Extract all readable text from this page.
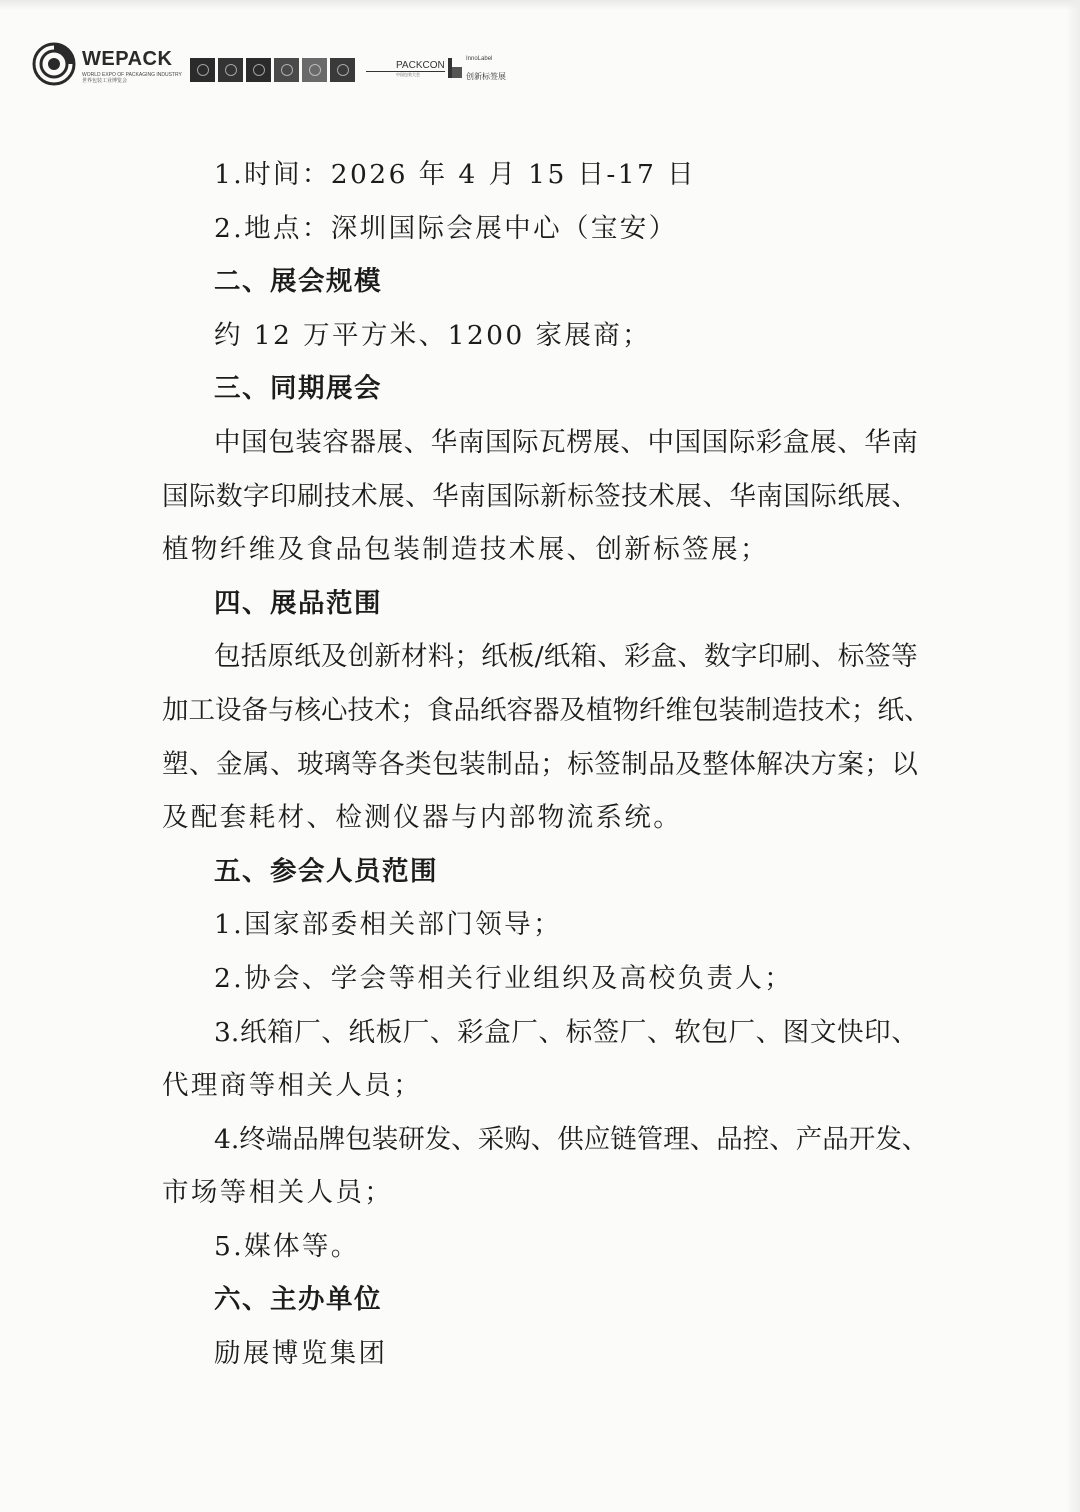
WEPACK
WORLD EXPO OF PACKAGING INDUSTRY
世界包装工业博览会
PACKCON
中国包装大会
InnoLabel
创新标签展
1.时间：2026 年 4 月 15 日-17 日
2.地点：深圳国际会展中心（宝安）
二、展会规模
约 12 万平方米、1200 家展商；
三、同期展会
中 国 包 装 容 器 展 、 华 南 国 际 瓦 楞 展 、 中 国 国 际 彩 盒 展 、 华 南
国 际 数 字 印 刷 技 术 展 、 华 南 国 际 新 标 签 技 术 展 、 华 南 国 际 纸 展 、
植物纤维及食品包装制造技术展、创新标签展；
四、展品范围
包 括 原 纸 及 创 新 材 料 ； 纸 板 / 纸 箱 、 彩 盒 、 数 字 印 刷 、 标 签 等
加 工 设 备 与 核 心 技 术 ； 食 品 纸 容 器 及 植 物 纤 维 包 装 制 造 技 术 ； 纸 、
塑 、 金 属 、 玻 璃 等 各 类 包 装 制 品 ； 标 签 制 品 及 整 体 解 决 方 案 ； 以
及配套耗材、检测仪器与内部物流系统。
五、参会人员范围
1.国家部委相关部门领导；
2.协会、学会等相关行业组织及高校负责人；
3. 纸 箱 厂 、 纸 板 厂 、 彩 盒 厂 、 标 签 厂 、 软 包 厂 、 图 文 快 印 、
代理商等相关人员；
4. 终 端 品 牌 包 装 研 发 、 采 购 、 供 应 链 管 理 、 品 控 、 产 品 开 发 、
市场等相关人员；
5.媒体等。
六、主办单位
励展博览集团
